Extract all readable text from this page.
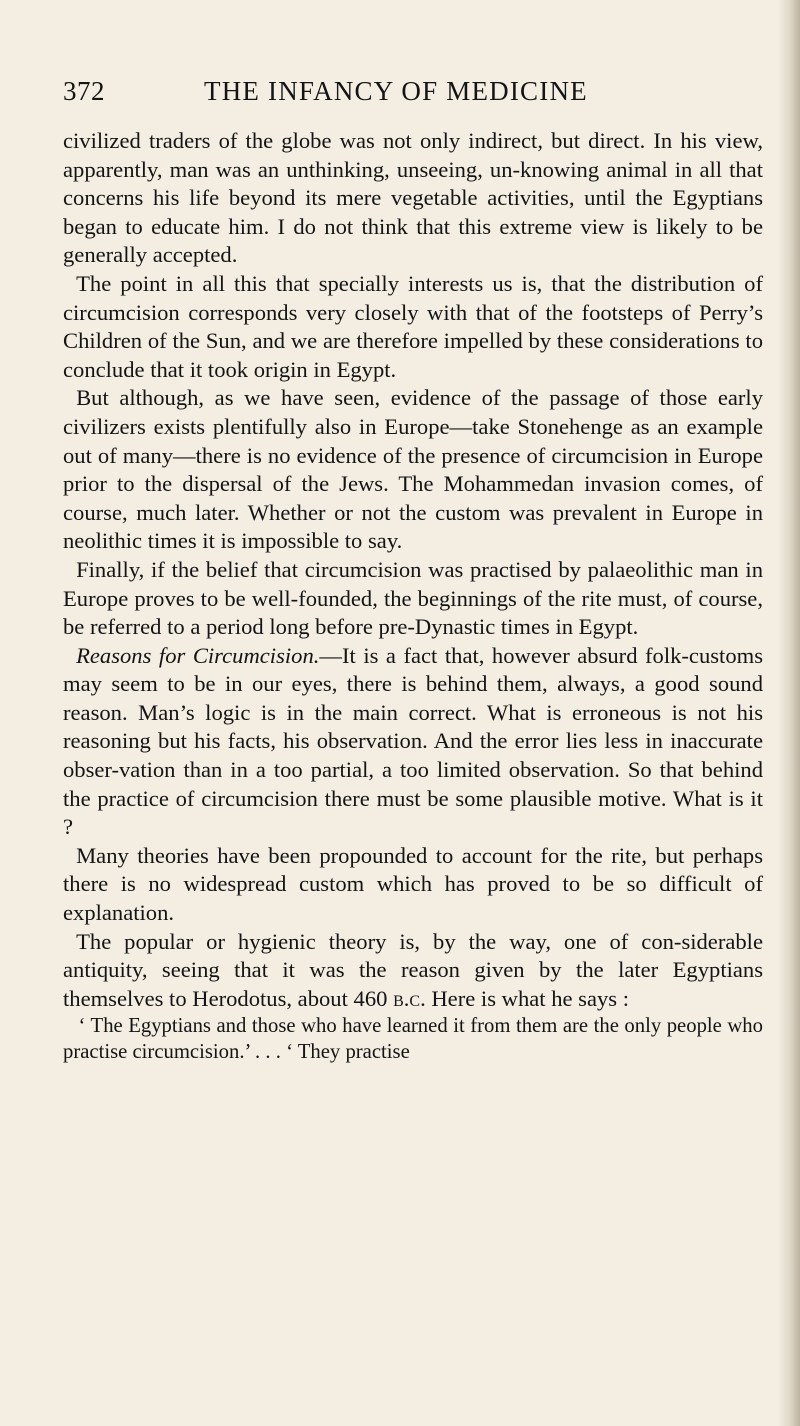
372	THE INFANCY OF MEDICINE

civilized traders of the globe was not only indirect, but direct. In his view, apparently, man was an unthinking, unseeing, un-knowing animal in all that concerns his life beyond its mere vegetable activities, until the Egyptians began to educate him. I do not think that this extreme view is likely to be generally accepted.

The point in all this that specially interests us is, that the distribution of circumcision corresponds very closely with that of the footsteps of Perry’s Children of the Sun, and we are therefore impelled by these considerations to conclude that it took origin in Egypt.

But although, as we have seen, evidence of the passage of those early civilizers exists plentifully also in Europe—take Stonehenge as an example out of many—there is no evidence of the presence of circumcision in Europe prior to the dispersal of the Jews. The Mohammedan invasion comes, of course, much later. Whether or not the custom was prevalent in Europe in neolithic times it is impossible to say.

Finally, if the belief that circumcision was practised by palaeolithic man in Europe proves to be well-founded, the beginnings of the rite must, of course, be referred to a period long before pre-Dynastic times in Egypt.

Reasons for Circumcision.—It is a fact that, however absurd folk-customs may seem to be in our eyes, there is behind them, always, a good sound reason. Man’s logic is in the main correct. What is erroneous is not his reasoning but his facts, his observation. And the error lies less in inaccurate obser-vation than in a too partial, a too limited observation. So that behind the practice of circumcision there must be some plausible motive. What is it ?

Many theories have been propounded to account for the rite, but perhaps there is no widespread custom which has proved to be so difficult of explanation.

The popular or hygienic theory is, by the way, one of con-siderable antiquity, seeing that it was the reason given by the later Egyptians themselves to Herodotus, about 460 b.c. Here is what he says :

‘ The Egyptians and those who have learned it from them are the only people who practise circumcision.’ . . . ‘ They practise
